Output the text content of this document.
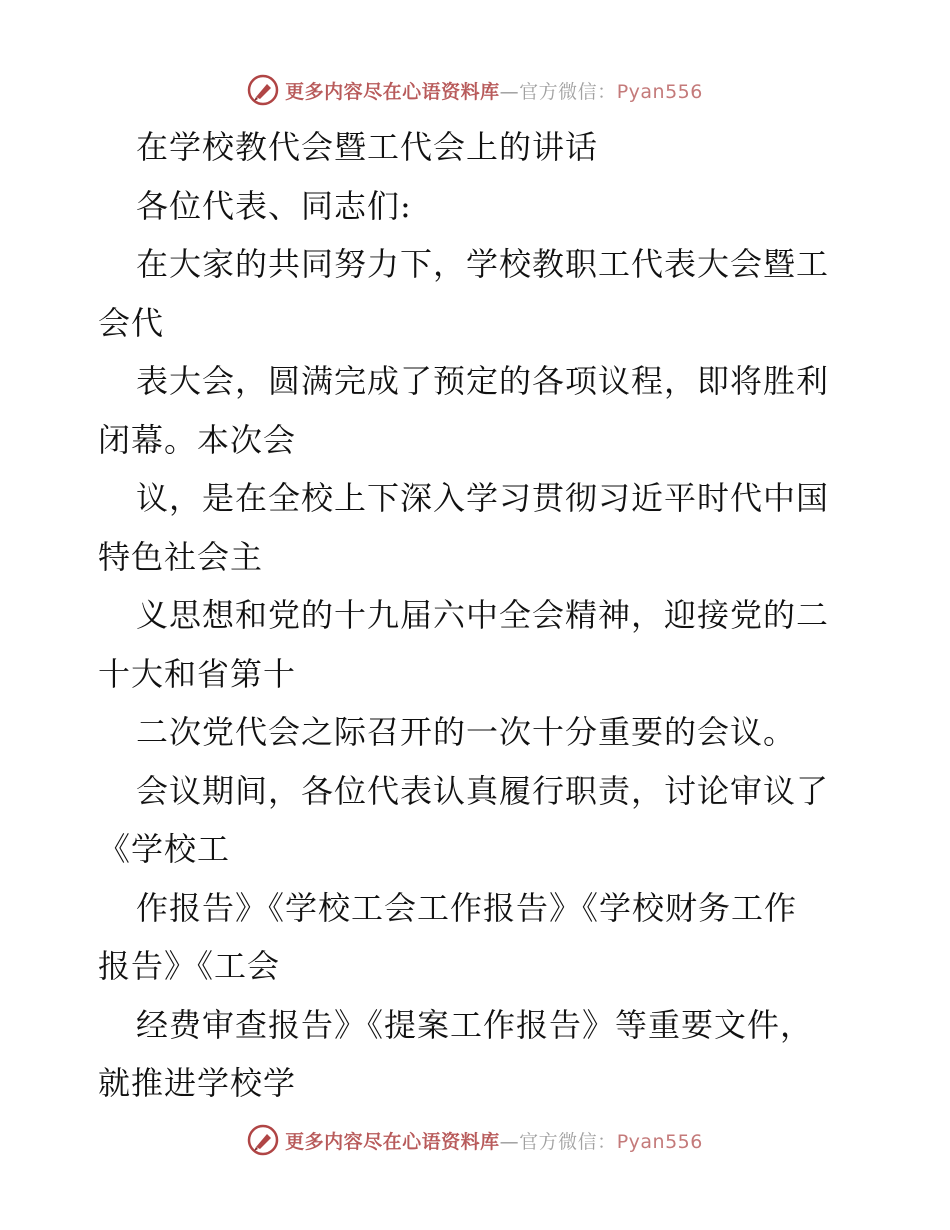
更多内容尽在心语资料库—官方微信：Pyan556
在学校教代会暨工代会上的讲话
各位代表、同志们:
在大家的共同努力下，学校教职工代表大会暨工
会代
表大会，圆满完成了预定的各项议程，即将胜利
闭幕。本次会
议，是在全校上下深入学习贯彻习近平时代中国
特色社会主
义思想和党的十九届六中全会精神，迎接党的二
十大和省第十
二次党代会之际召开的一次十分重要的会议。
会议期间，各位代表认真履行职责，讨论审议了
《学校工
作报告》《学校工会工作报告》《学校财务工作
报告》《工会
经费审查报告》《提案工作报告》等重要文件，
就推进学校学
更多内容尽在心语资料库—官方微信：Pyan556
